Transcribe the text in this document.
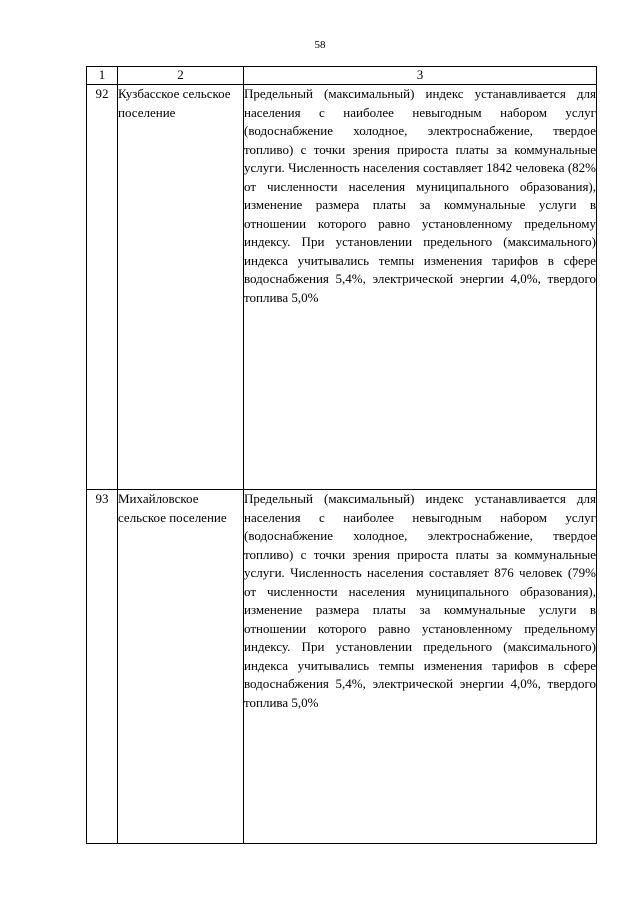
58
1	2	3
92	Кузбасское сельское поселение	Предельный (максимальный) индекс устанавливается для населения с наиболее невыгодным набором услуг (водоснабжение холодное, электроснабжение, твердое топливо) с точки зрения прироста платы за коммунальные услуги. Численность населения составляет 1842 человека (82% от численности населения муниципального образования), изменение размера платы за коммунальные услуги в отношении которого равно установленному предельному индексу. При установлении предельного (максимального) индекса учитывались темпы изменения тарифов в сфере водоснабжения 5,4%, электрической энергии 4,0%, твердого топлива 5,0%
93	Михайловское сельское поселение	Предельный (максимальный) индекс устанавливается для населения с наиболее невыгодным набором услуг (водоснабжение холодное, электроснабжение, твердое топливо) с точки зрения прироста платы за коммунальные услуги. Численность населения составляет 876 человек (79% от численности населения муниципального образования), изменение размера платы за коммунальные услуги в отношении которого равно установленному предельному индексу. При установлении предельного (максимального) индекса учитывались темпы изменения тарифов в сфере водоснабжения 5,4%, электрической энергии 4,0%, твердого топлива 5,0%
